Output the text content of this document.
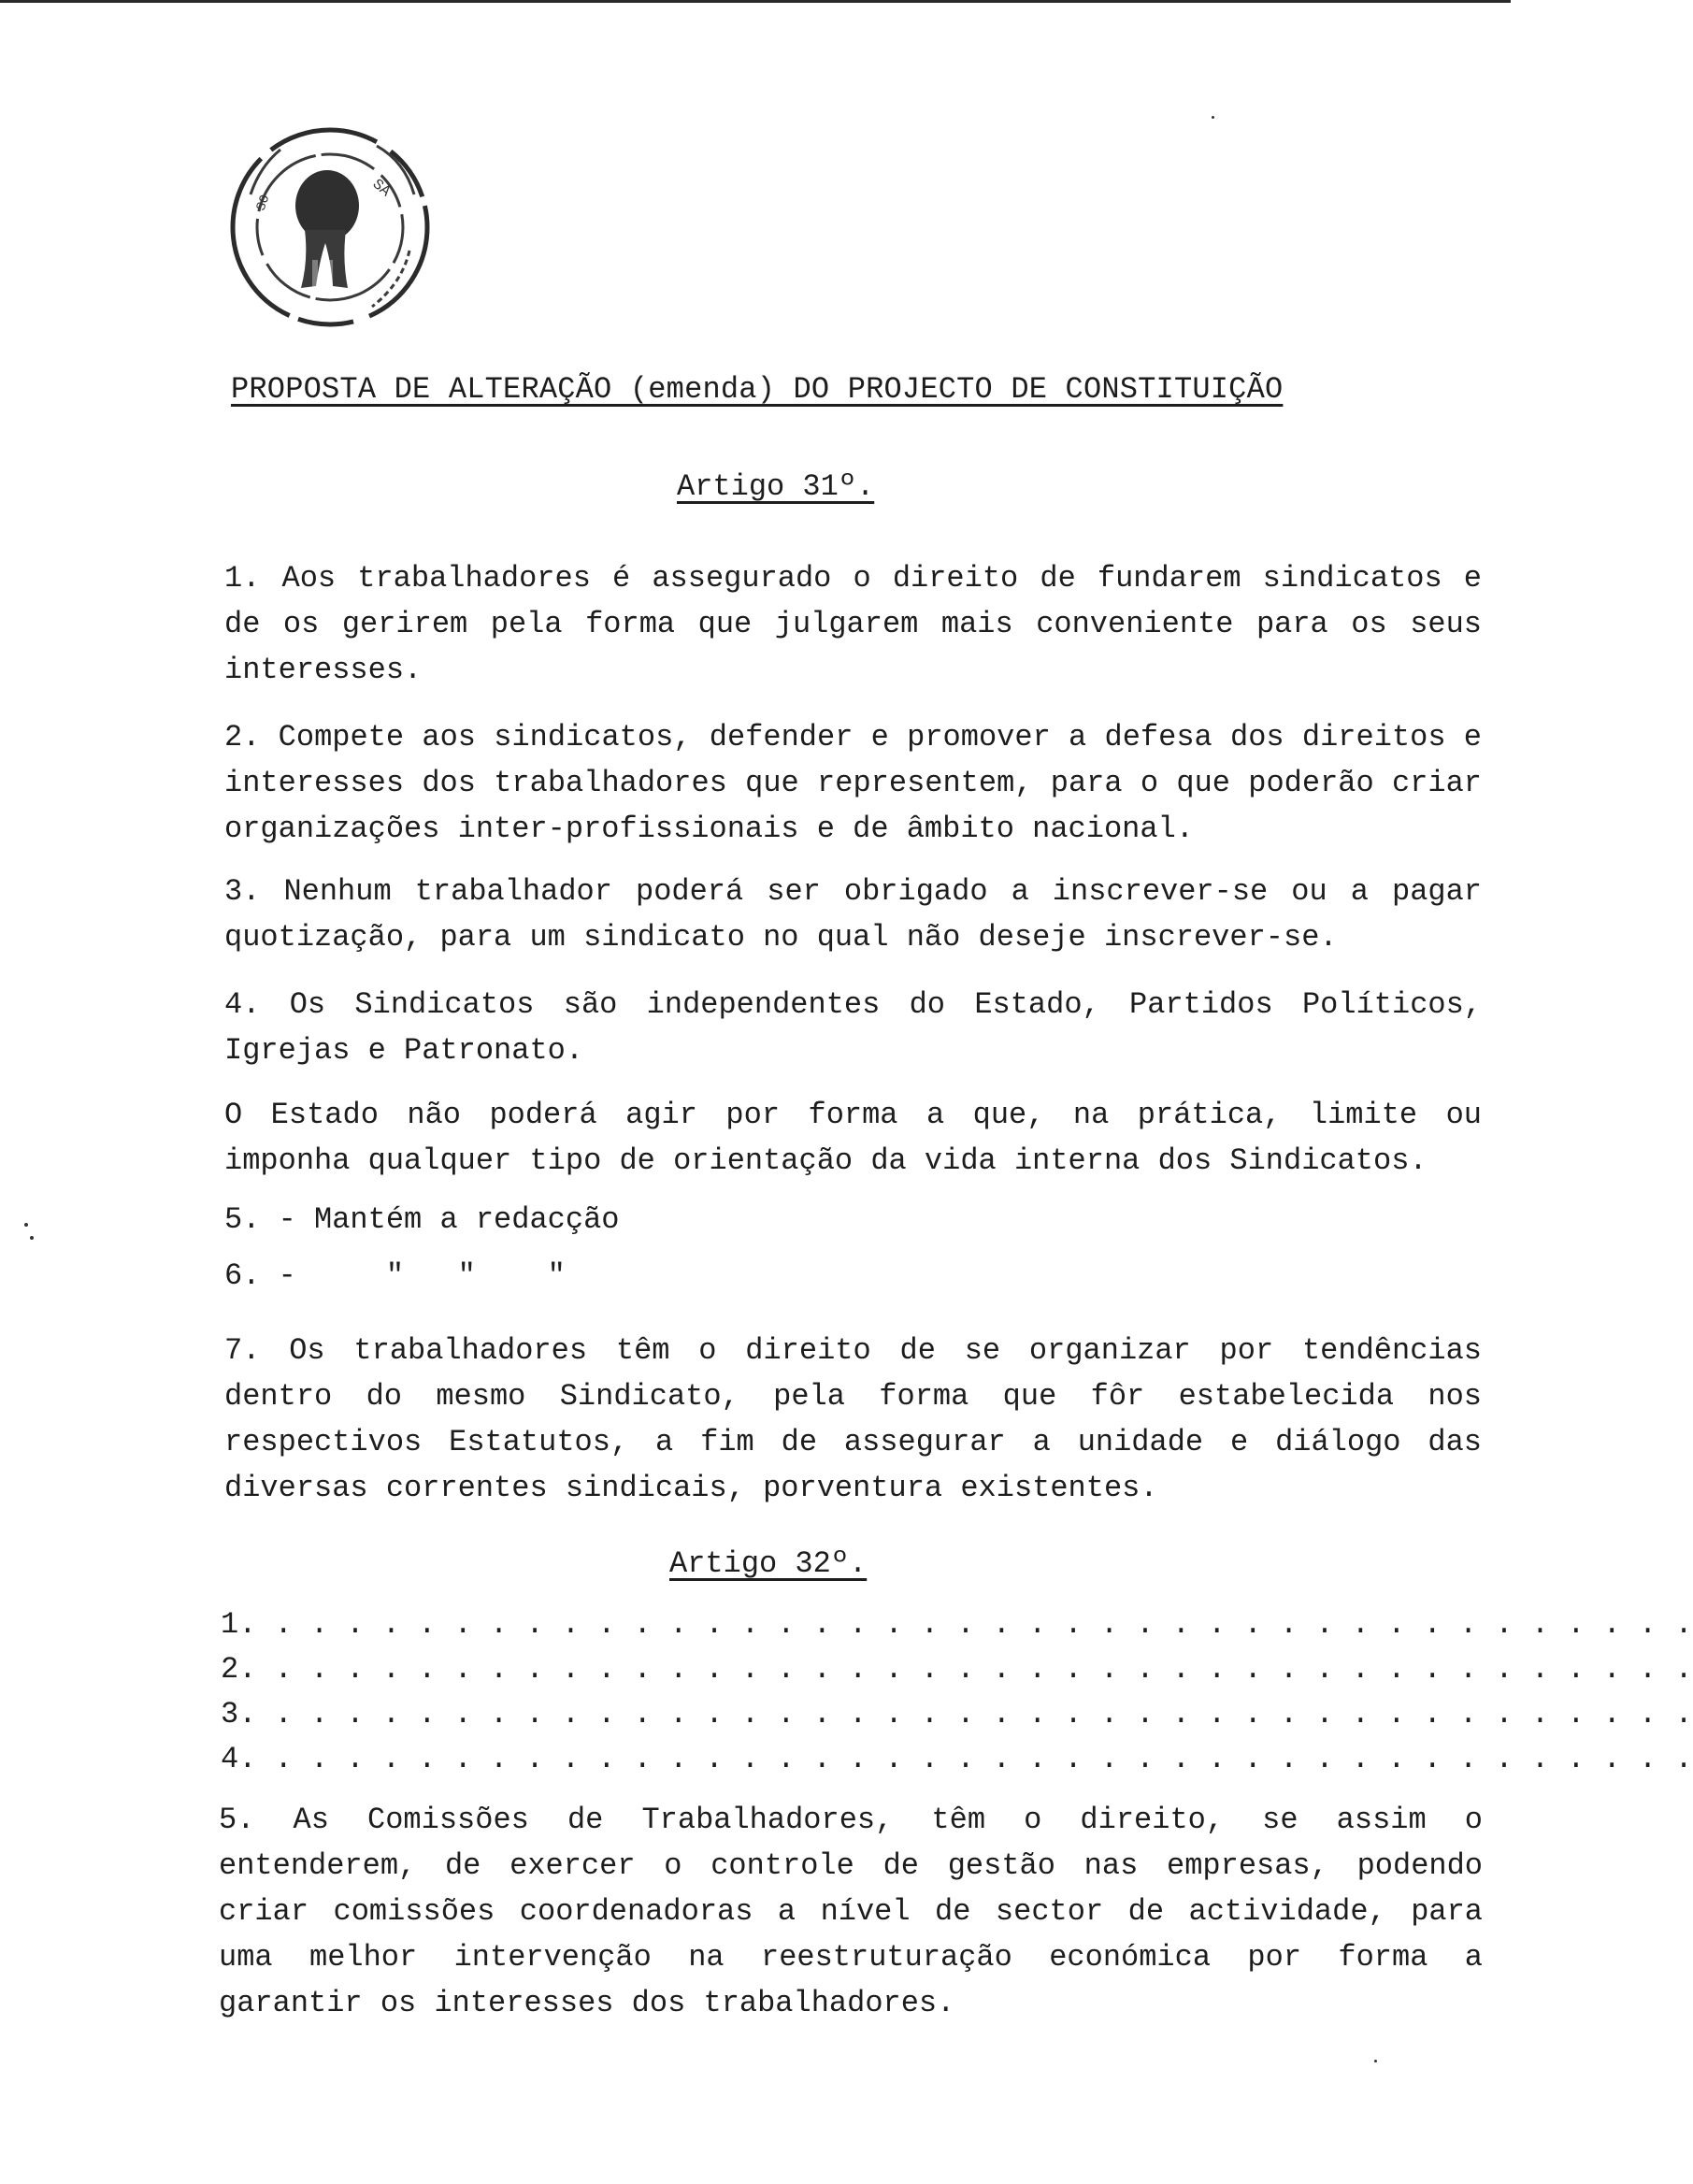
SA
SO
PROPOSTA DE ALTERAÇÃO (emenda) DO PROJECTO DE CONSTITUIÇÃO
Artigo 31º.
1. Aos trabalhadores é assegurado o direito de fundarem sindicatos e de os gerirem pela forma que julgarem mais conveniente para os seus interesses.
2. Compete aos sindicatos, defender e promover a defesa dos direitos e interesses dos trabalhadores que representem, para o que poderão criar organizações inter-profissionais e de âmbito nacional.
3. Nenhum trabalhador poderá ser obrigado a inscrever-se ou a pagar quotização, para um sindicato no qual não deseje inscrever-se.
4. Os Sindicatos são independentes do Estado, Partidos Políticos, Igrejas e Patronato.
O Estado não poderá agir por forma a que, na prática, limite ou imponha qualquer tipo de orientação da vida interna dos Sindicatos.
5. - Mantém a redacção
6. -     "   "    "
7. Os trabalhadores têm o direito de se organizar por tendências dentro do mesmo Sindicato, pela forma que fôr estabelecida nos respectivos Estatutos, a fim de assegurar a unidade e diálogo das diversas correntes sindicais, porventura existentes.
Artigo 32º.
1. . . . . . . . . . . . . . . . . . . . . . . . . . . . . . . . . . . . . . . . .
2. . . . . . . . . . . . . . . . . . . . . . . . . . . . . . . . . . . . . . . . .
3. . . . . . . . . . . . . . . . . . . . . . . . . . . . . . . . . . . . . . . . .
4. . . . . . . . . . . . . . . . . . . . . . . . . . . . . . . . . . . . . . . . .
5. As Comissões de Trabalhadores, têm o direito, se assim o entenderem, de exercer o controle de gestão nas empresas, podendo criar comissões coordenadoras a nível de sector de actividade, para uma melhor intervenção na reestruturação económica por forma a garantir os interesses dos trabalhadores.
